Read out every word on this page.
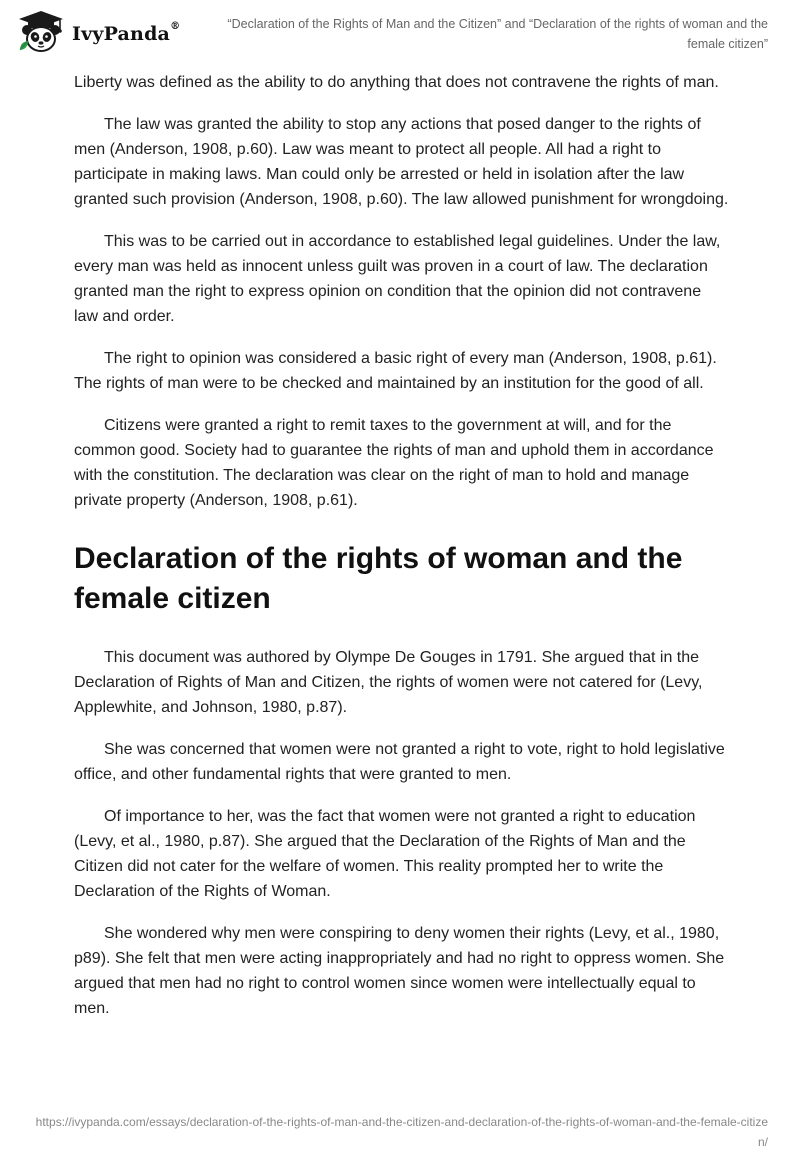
IvyPanda®	“Declaration of the Rights of Man and the Citizen” and “Declaration of the rights of woman and the female citizen”

Liberty was defined as the ability to do anything that does not contravene the rights of man.

The law was granted the ability to stop any actions that posed danger to the rights of men (Anderson, 1908, p.60). Law was meant to protect all people. All had a right to participate in making laws. Man could only be arrested or held in isolation after the law granted such provision (Anderson, 1908, p.60). The law allowed punishment for wrongdoing.

This was to be carried out in accordance to established legal guidelines. Under the law, every man was held as innocent unless guilt was proven in a court of law. The declaration granted man the right to express opinion on condition that the opinion did not contravene law and order.

The right to opinion was considered a basic right of every man (Anderson, 1908, p.61). The rights of man were to be checked and maintained by an institution for the good of all.

Citizens were granted a right to remit taxes to the government at will, and for the common good. Society had to guarantee the rights of man and uphold them in accordance with the constitution. The declaration was clear on the right of man to hold and manage private property (Anderson, 1908, p.61).

Declaration of the rights of woman and the female citizen

This document was authored by Olympe De Gouges in 1791. She argued that in the Declaration of Rights of Man and Citizen, the rights of women were not catered for (Levy, Applewhite, and Johnson, 1980, p.87).

She was concerned that women were not granted a right to vote, right to hold legislative office, and other fundamental rights that were granted to men.

Of importance to her, was the fact that women were not granted a right to education (Levy, et al., 1980, p.87). She argued that the Declaration of the Rights of Man and the Citizen did not cater for the welfare of women. This reality prompted her to write the Declaration of the Rights of Woman.

She wondered why men were conspiring to deny women their rights (Levy, et al., 1980, p89). She felt that men were acting inappropriately and had no right to oppress women. She argued that men had no right to control women since women were intellectually equal to men.

https://ivypanda.com/essays/declaration-of-the-rights-of-man-and-the-citizen-and-declaration-of-the-rights-of-woman-and-the-female-citizen/
